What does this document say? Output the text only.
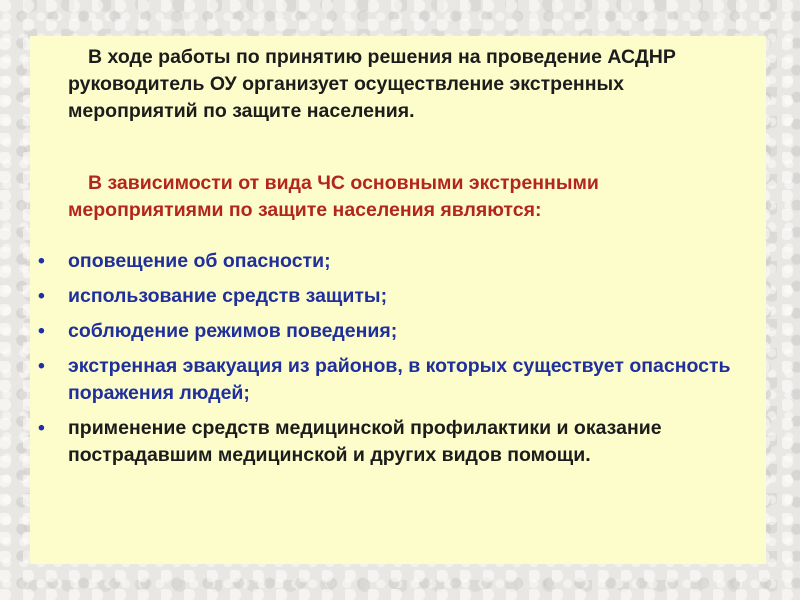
В ходе работы по принятию решения на проведение АСДНР руководитель ОУ организует осуществление экстренных мероприятий по защите населения.

В зависимости от вида ЧС основными экстренными мероприятиями по защите населения являются:

• оповещение об опасности;
• использование средств защиты;
• соблюдение режимов поведения;
• экстренная эвакуация из районов, в которых существует опасность поражения людей;
• применение средств медицинской профилактики и оказание пострадавшим медицинской и других видов помощи.
